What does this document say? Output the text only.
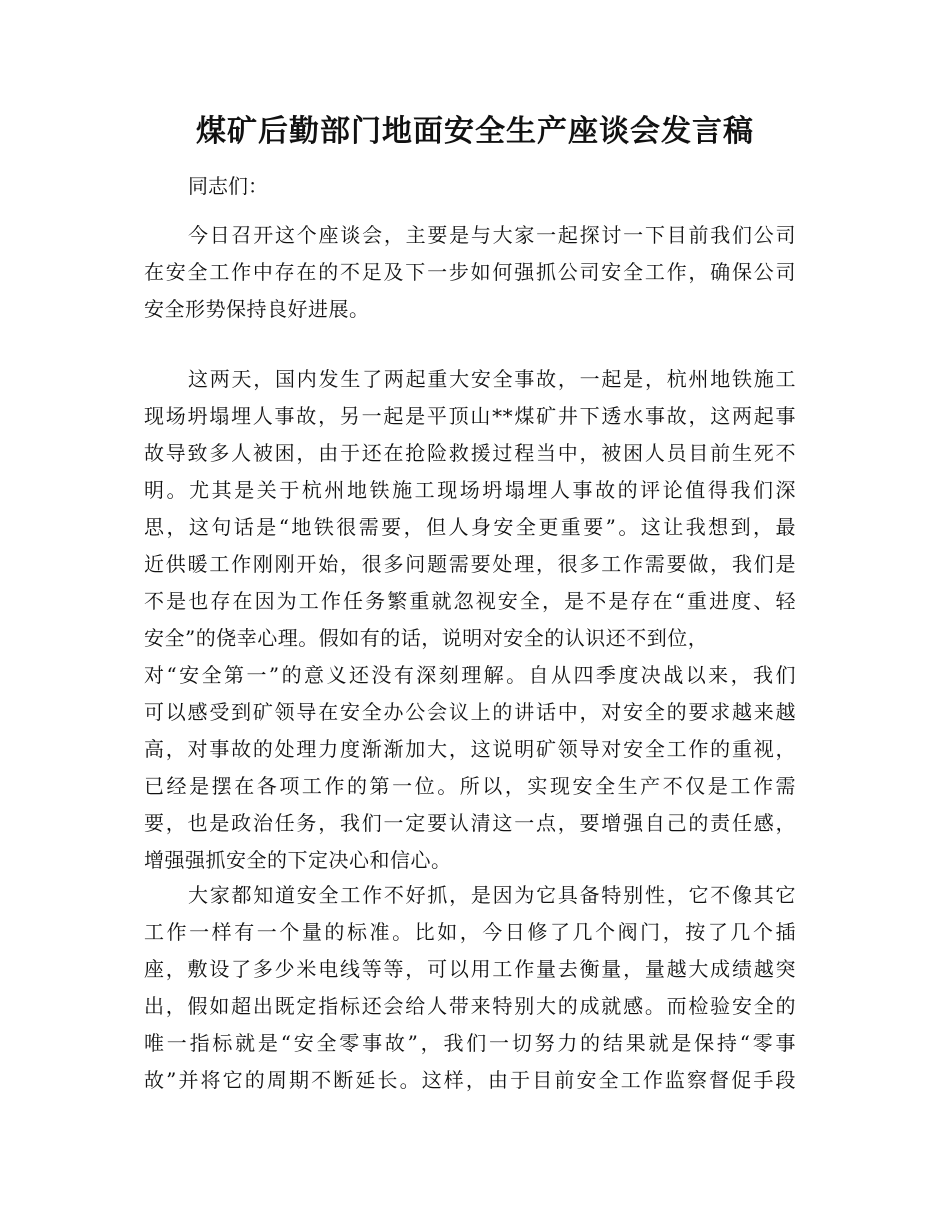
煤矿后勤部门地面安全生产座谈会发言稿
同志们：
今日召开这个座谈会，主要是与大家一起探讨一下目前我们公司
在安全工作中存在的不足及下一步如何强抓公司安全工作，确保公司
安全形势保持良好进展。
这两天，国内发生了两起重大安全事故，一起是，杭州地铁施工
现场坍塌埋人事故，另一起是平顶山**煤矿井下透水事故，这两起事
故导致多人被困，由于还在抢险救援过程当中，被困人员目前生死不
明。尤其是关于杭州地铁施工现场坍塌埋人事故的评论值得我们深
思，这句话是“地铁很需要，但人身安全更重要”。这让我想到，最
近供暖工作刚刚开始，很多问题需要处理，很多工作需要做，我们是
不是也存在因为工作任务繁重就忽视安全，是不是存在“重进度、轻
安全”的侥幸心理。假如有的话，说明对安全的认识还不到位，
对“安全第一”的意义还没有深刻理解。自从四季度决战以来，我们
可以感受到矿领导在安全办公会议上的讲话中，对安全的要求越来越
高，对事故的处理力度渐渐加大，这说明矿领导对安全工作的重视，
已经是摆在各项工作的第一位。所以，实现安全生产不仅是工作需
要，也是政治任务，我们一定要认清这一点，要增强自己的责任感，
增强强抓安全的下定决心和信心。
大家都知道安全工作不好抓，是因为它具备特别性，它不像其它
工作一样有一个量的标准。比如，今日修了几个阀门，按了几个插
座，敷设了多少米电线等等，可以用工作量去衡量，量越大成绩越突
出，假如超出既定指标还会给人带来特别大的成就感。而检验安全的
唯一指标就是“安全零事故”，我们一切努力的结果就是保持“零事
故”并将它的周期不断延长。这样，由于目前安全工作监察督促手段
